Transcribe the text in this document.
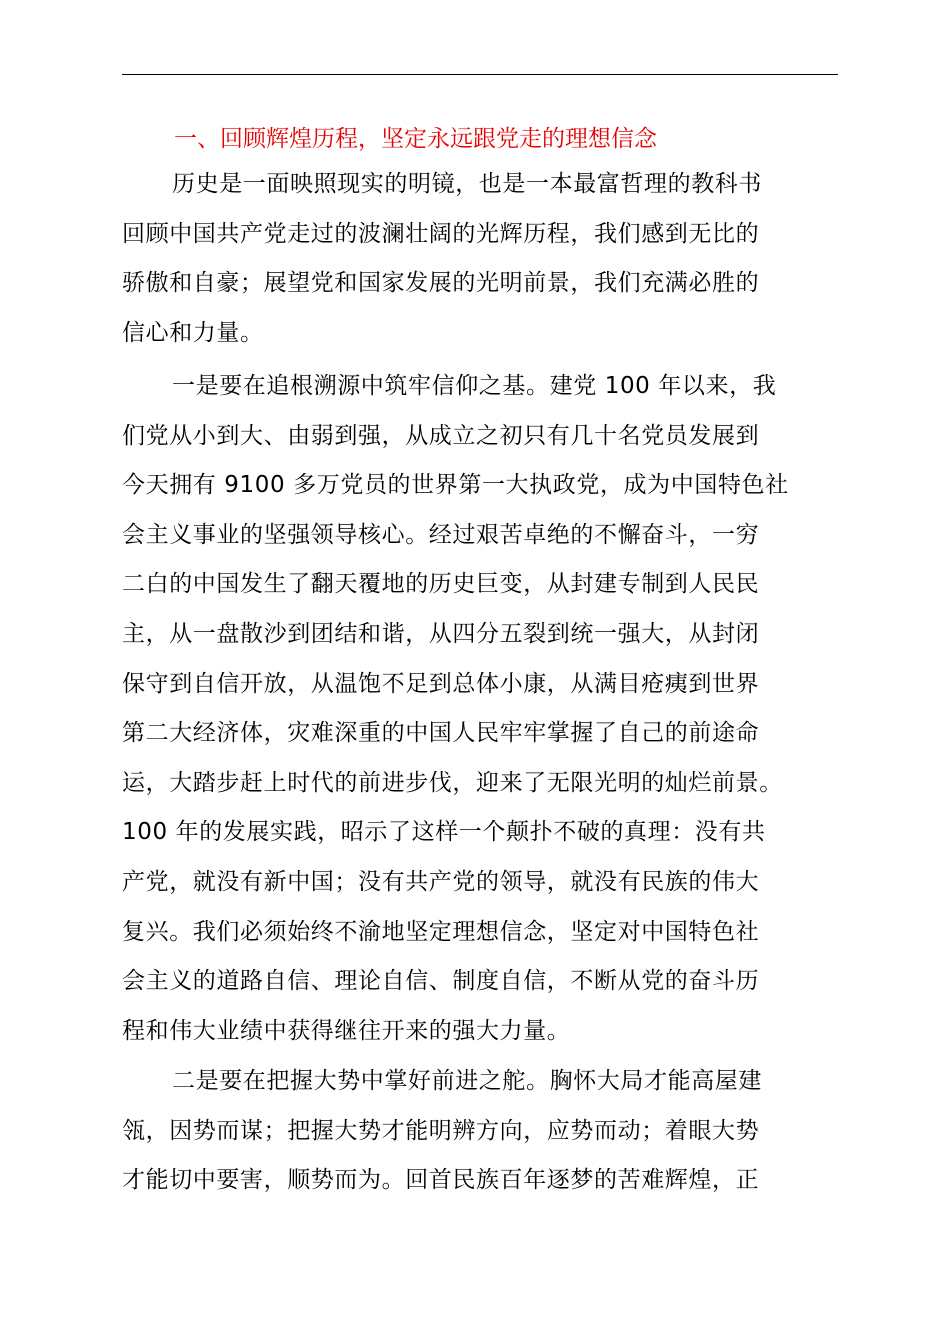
一、回顾辉煌历程，坚定永远跟党走的理想信念
历史是一面映照现实的明镜，也是一本最富哲理的教科书
回顾中国共产党走过的波澜壮阔的光辉历程，我们感到无比的
骄傲和自豪；展望党和国家发展的光明前景，我们充满必胜的
信心和力量。
一是要在追根溯源中筑牢信仰之基。建党 100 年以来，我
们党从小到大、由弱到强，从成立之初只有几十名党员发展到
今天拥有 9100 多万党员的世界第一大执政党，成为中国特色社
会主义事业的坚强领导核心。经过艰苦卓绝的不懈奋斗，一穷
二白的中国发生了翻天覆地的历史巨变，从封建专制到人民民
主，从一盘散沙到团结和谐，从四分五裂到统一强大，从封闭
保守到自信开放，从温饱不足到总体小康，从满目疮痍到世界
第二大经济体，灾难深重的中国人民牢牢掌握了自己的前途命
运，大踏步赶上时代的前进步伐，迎来了无限光明的灿烂前景。
100 年的发展实践，昭示了这样一个颠扑不破的真理：没有共
产党，就没有新中国；没有共产党的领导，就没有民族的伟大
复兴。我们必须始终不渝地坚定理想信念，坚定对中国特色社
会主义的道路自信、理论自信、制度自信，不断从党的奋斗历
程和伟大业绩中获得继往开来的强大力量。
二是要在把握大势中掌好前进之舵。胸怀大局才能高屋建
瓴，因势而谋；把握大势才能明辨方向，应势而动；着眼大势
才能切中要害，顺势而为。回首民族百年逐梦的苦难辉煌，正
